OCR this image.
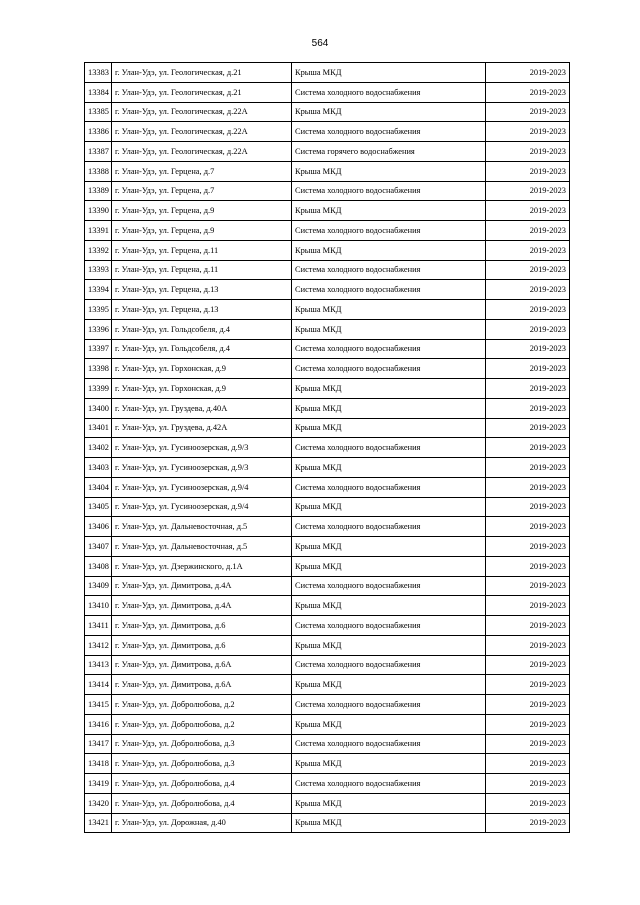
564
13383	г. Улан-Удэ, ул. Геологическая, д.21	Крыша МКД	2019-2023
13384	г. Улан-Удэ, ул. Геологическая, д.21	Система холодного водоснабжения	2019-2023
13385	г. Улан-Удэ, ул. Геологическая, д.22А	Крыша МКД	2019-2023
13386	г. Улан-Удэ, ул. Геологическая, д.22А	Система холодного водоснабжения	2019-2023
13387	г. Улан-Удэ, ул. Геологическая, д.22А	Система горячего водоснабжения	2019-2023
13388	г. Улан-Удэ, ул. Герцена, д.7	Крыша МКД	2019-2023
13389	г. Улан-Удэ, ул. Герцена, д.7	Система холодного водоснабжения	2019-2023
13390	г. Улан-Удэ, ул. Герцена, д.9	Крыша МКД	2019-2023
13391	г. Улан-Удэ, ул. Герцена, д.9	Система холодного водоснабжения	2019-2023
13392	г. Улан-Удэ, ул. Герцена, д.11	Крыша МКД	2019-2023
13393	г. Улан-Удэ, ул. Герцена, д.11	Система холодного водоснабжения	2019-2023
13394	г. Улан-Удэ, ул. Герцена, д.13	Система холодного водоснабжения	2019-2023
13395	г. Улан-Удэ, ул. Герцена, д.13	Крыша МКД	2019-2023
13396	г. Улан-Удэ, ул. Гольдсобеля, д.4	Крыша МКД	2019-2023
13397	г. Улан-Удэ, ул. Гольдсобеля, д.4	Система холодного водоснабжения	2019-2023
13398	г. Улан-Удэ, ул. Горхонская, д.9	Система холодного водоснабжения	2019-2023
13399	г. Улан-Удэ, ул. Горхонская, д.9	Крыша МКД	2019-2023
13400	г. Улан-Удэ, ул. Груздева, д.40А	Крыша МКД	2019-2023
13401	г. Улан-Удэ, ул. Груздева, д.42А	Крыша МКД	2019-2023
13402	г. Улан-Удэ, ул. Гусиноозерская, д.9/3	Система холодного водоснабжения	2019-2023
13403	г. Улан-Удэ, ул. Гусиноозерская, д.9/3	Крыша МКД	2019-2023
13404	г. Улан-Удэ, ул. Гусиноозерская, д.9/4	Система холодного водоснабжения	2019-2023
13405	г. Улан-Удэ, ул. Гусиноозерская, д.9/4	Крыша МКД	2019-2023
13406	г. Улан-Удэ, ул. Дальневосточная, д.5	Система холодного водоснабжения	2019-2023
13407	г. Улан-Удэ, ул. Дальневосточная, д.5	Крыша МКД	2019-2023
13408	г. Улан-Удэ, ул. Дзержинского, д.1А	Крыша МКД	2019-2023
13409	г. Улан-Удэ, ул. Димитрова, д.4А	Система холодного водоснабжения	2019-2023
13410	г. Улан-Удэ, ул. Димитрова, д.4А	Крыша МКД	2019-2023
13411	г. Улан-Удэ, ул. Димитрова, д.6	Система холодного водоснабжения	2019-2023
13412	г. Улан-Удэ, ул. Димитрова, д.6	Крыша МКД	2019-2023
13413	г. Улан-Удэ, ул. Димитрова, д.6А	Система холодного водоснабжения	2019-2023
13414	г. Улан-Удэ, ул. Димитрова, д.6А	Крыша МКД	2019-2023
13415	г. Улан-Удэ, ул. Добролюбова, д.2	Система холодного водоснабжения	2019-2023
13416	г. Улан-Удэ, ул. Добролюбова, д.2	Крыша МКД	2019-2023
13417	г. Улан-Удэ, ул. Добролюбова, д.3	Система холодного водоснабжения	2019-2023
13418	г. Улан-Удэ, ул. Добролюбова, д.3	Крыша МКД	2019-2023
13419	г. Улан-Удэ, ул. Добролюбова, д.4	Система холодного водоснабжения	2019-2023
13420	г. Улан-Удэ, ул. Добролюбова, д.4	Крыша МКД	2019-2023
13421	г. Улан-Удэ, ул. Дорожная, д.40	Крыша МКД	2019-2023
